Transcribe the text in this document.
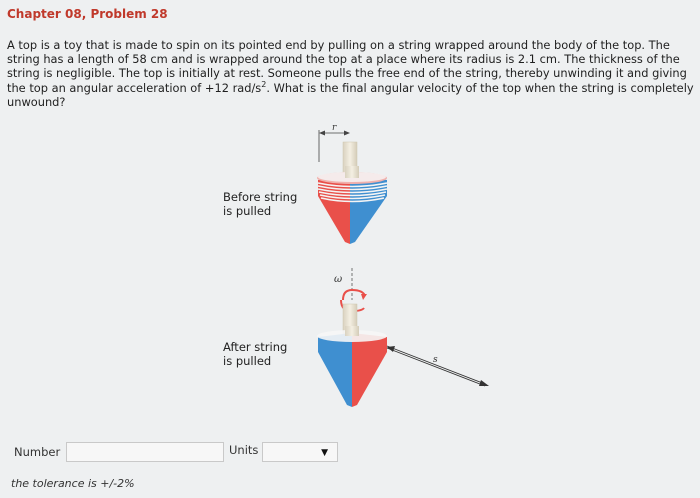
Chapter 08, Problem 28
A top is a toy that is made to spin on its pointed end by pulling on a string wrapped around the body of the top. The string has a length of 58 cm and is wrapped around the top at a place where its radius is 2.1 cm. The thickness of the string is negligible. The top is initially at rest. Someone pulls the free end of the string, thereby unwinding it and giving the top an angular acceleration of +12 rad/$s^2$. What is the final angular velocity of the top when the string is completely unwound?
Before string
is pulled
After string
is pulled
r
ω
s
Number	Units	▼
the tolerance is +/-2%
